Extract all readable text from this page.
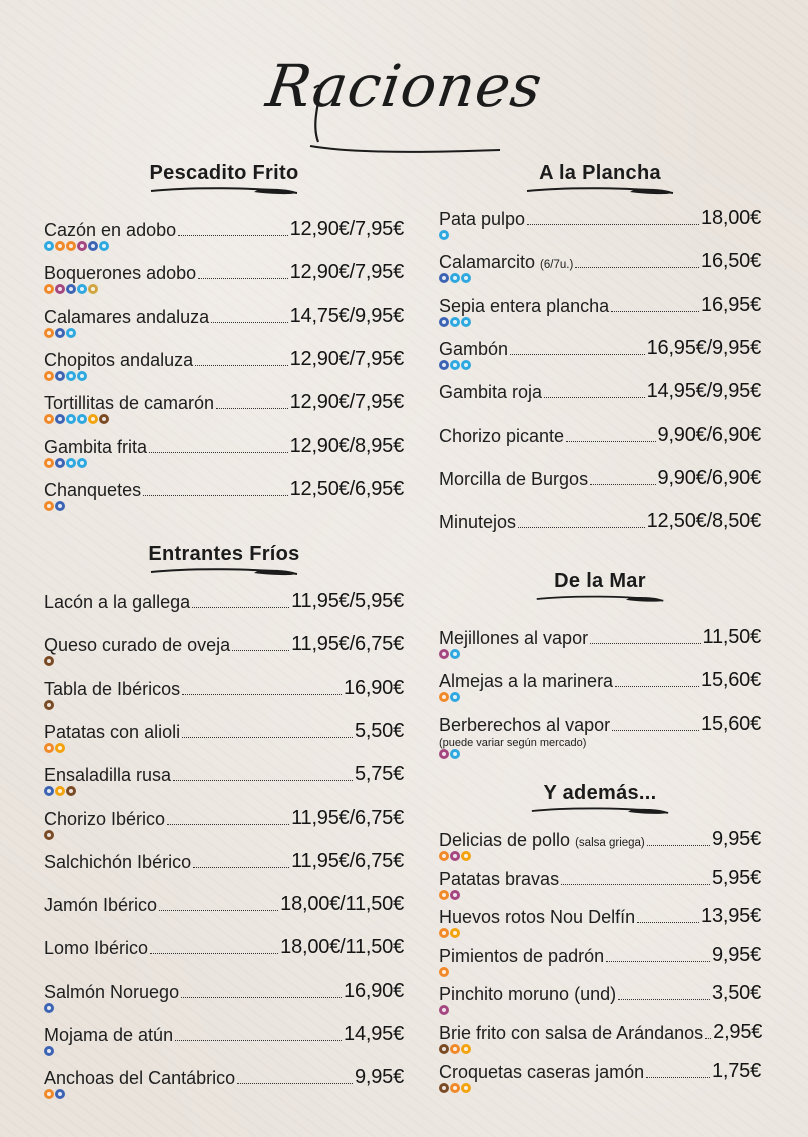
Raciones
Pescadito Frito
Cazón en adobo	12,90€/7,95€
Boquerones adobo	12,90€/7,95€
Calamares andaluza	14,75€/9,95€
Chopitos andaluza	12,90€/7,95€
Tortillitas de camarón	12,90€/7,95€
Gambita frita	12,90€/8,95€
Chanquetes	12,50€/6,95€
Entrantes Fríos
Lacón a la gallega	11,95€/5,95€
Queso curado de oveja	11,95€/6,75€
Tabla de Ibéricos	16,90€
Patatas con alioli	5,50€
Ensaladilla rusa	5,75€
Chorizo Ibérico	11,95€/6,75€
Salchichón Ibérico	11,95€/6,75€
Jamón Ibérico	18,00€/11,50€
Lomo Ibérico	18,00€/11,50€
Salmón Noruego	16,90€
Mojama de atún	14,95€
Anchoas del Cantábrico	9,95€
A la Plancha
Pata pulpo	18,00€
Calamarcito (6/7u.)	16,50€
Sepia entera plancha	16,95€
Gambón	16,95€/9,95€
Gambita roja	14,95€/9,95€
Chorizo picante	9,90€/6,90€
Morcilla de Burgos	9,90€/6,90€
Minutejos	12,50€/8,50€
De la Mar
Mejillones al vapor	11,50€
Almejas a la marinera	15,60€
Berberechos al vapor	15,60€
(puede variar según mercado)
Y además...
Delicias de pollo (salsa griega)	9,95€
Patatas bravas	5,95€
Huevos rotos Nou Delfín	13,95€
Pimientos de padrón	9,95€
Pinchito moruno (und)	3,50€
Brie frito con salsa de Arándanos 2,95€
Croquetas caseras jamón	1,75€
